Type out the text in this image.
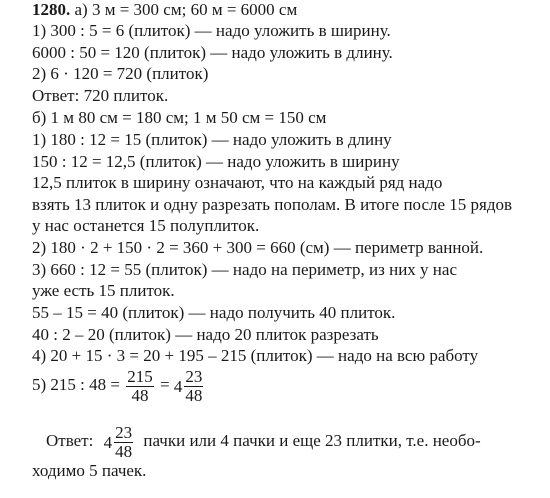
1280. а) 3 м = 300 см; 60 м = 6000 см
1) 300 : 5 = 6 (плиток) –– надо уложить в ширину.
6000 : 50 = 120 (плиток) — надо уложить в длину.
2) 6 · 120 = 720 (плиток)
Ответ: 720 плиток.
б) 1 м 80 см = 180 см; 1 м 50 см = 150 см
1) 180 : 12 = 15 (плиток) — надо уложить в длину
150 : 12 = 12,5 (плиток) — надо уложить в ширину
12,5 плиток в ширину означают, что на каждый ряд надо
взять 13 плиток и одну разрезать пополам. В итоге после 15 рядов
у нас останется 15 полуплиток.
2) 180 · 2 + 150 · 2 = 360 + 300 = 660 (см) — периметр ванной.
3) 660 : 12 = 55 (плиток) — надо на периметр, из них у нас
уже есть 15 плиток.
55 – 15 = 40 (плиток) –– надо получить 40 плиток.
40 : 2 – 20 (плиток) — надо 20 плиток разрезать
4) 20 + 15 · 3 = 20 + 195 – 215 (плиток) — надо на всю работу
5) 215 : $48 = \frac{215}{48} = 4 \frac{23}{48}$
Ответ: $4 \frac{23}{48}$ пачки или 4 пачки и еще 23 плитки, т.е. необо-
ходимо 5 пачек.
